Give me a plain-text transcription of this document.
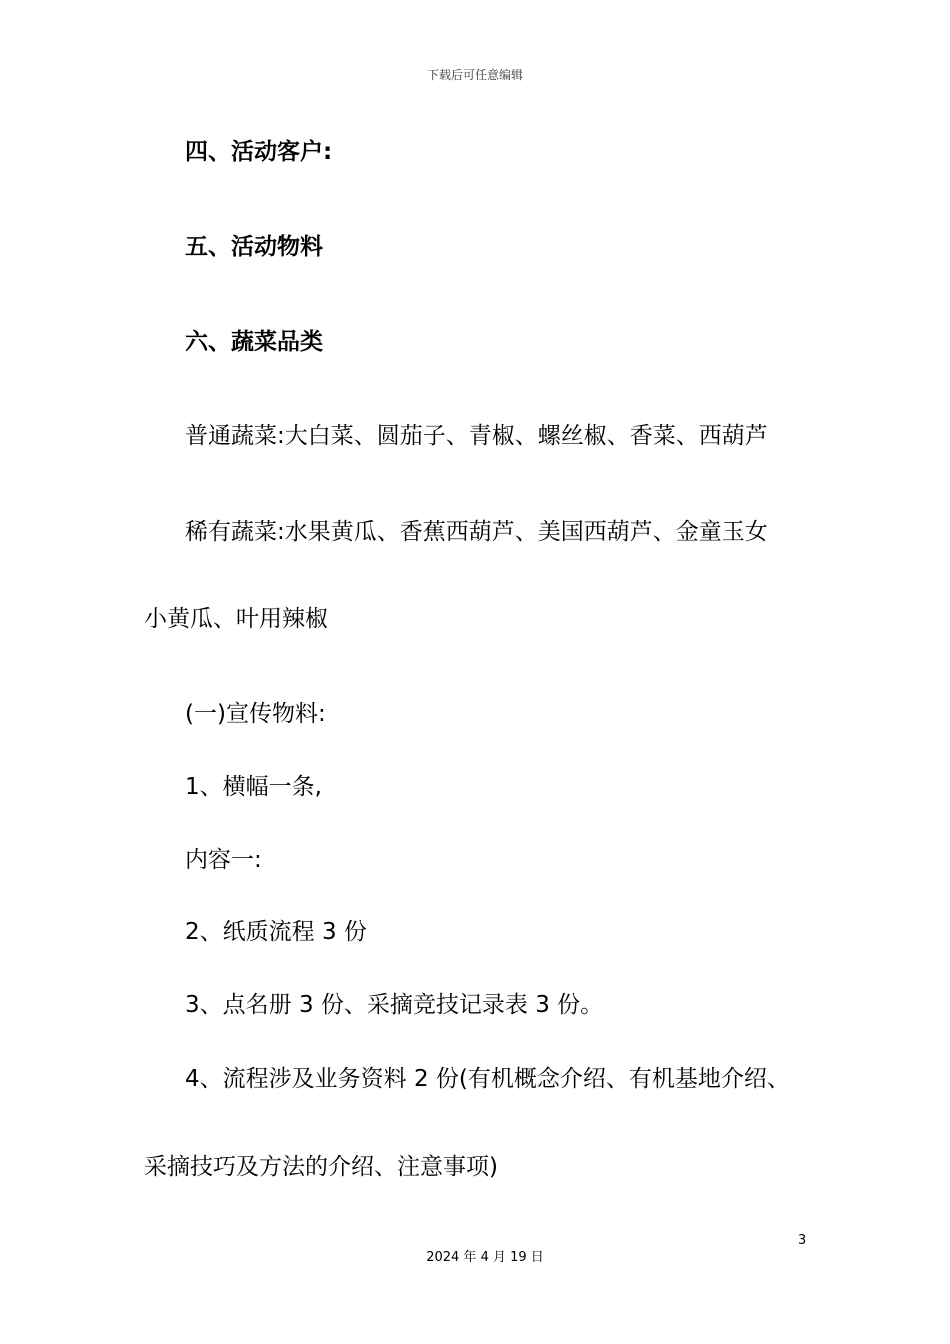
下载后可任意编辑
四、活动客户:
五、活动物料
六、蔬菜品类
普通蔬菜:大白菜、圆茄子、青椒、螺丝椒、香菜、西葫芦
稀有蔬菜:水果黄瓜、香蕉西葫芦、美国西葫芦、金童玉女
小黄瓜、叶用辣椒
(一)宣传物料:
1、横幅一条,
内容一:
2、纸质流程 3 份
3、点名册 3 份、采摘竞技记录表 3 份。
4、流程涉及业务资料 2 份(有机概念介绍、有机基地介绍、
采摘技巧及方法的介绍、注意事项)
3
2024 年 4 月 19 日
